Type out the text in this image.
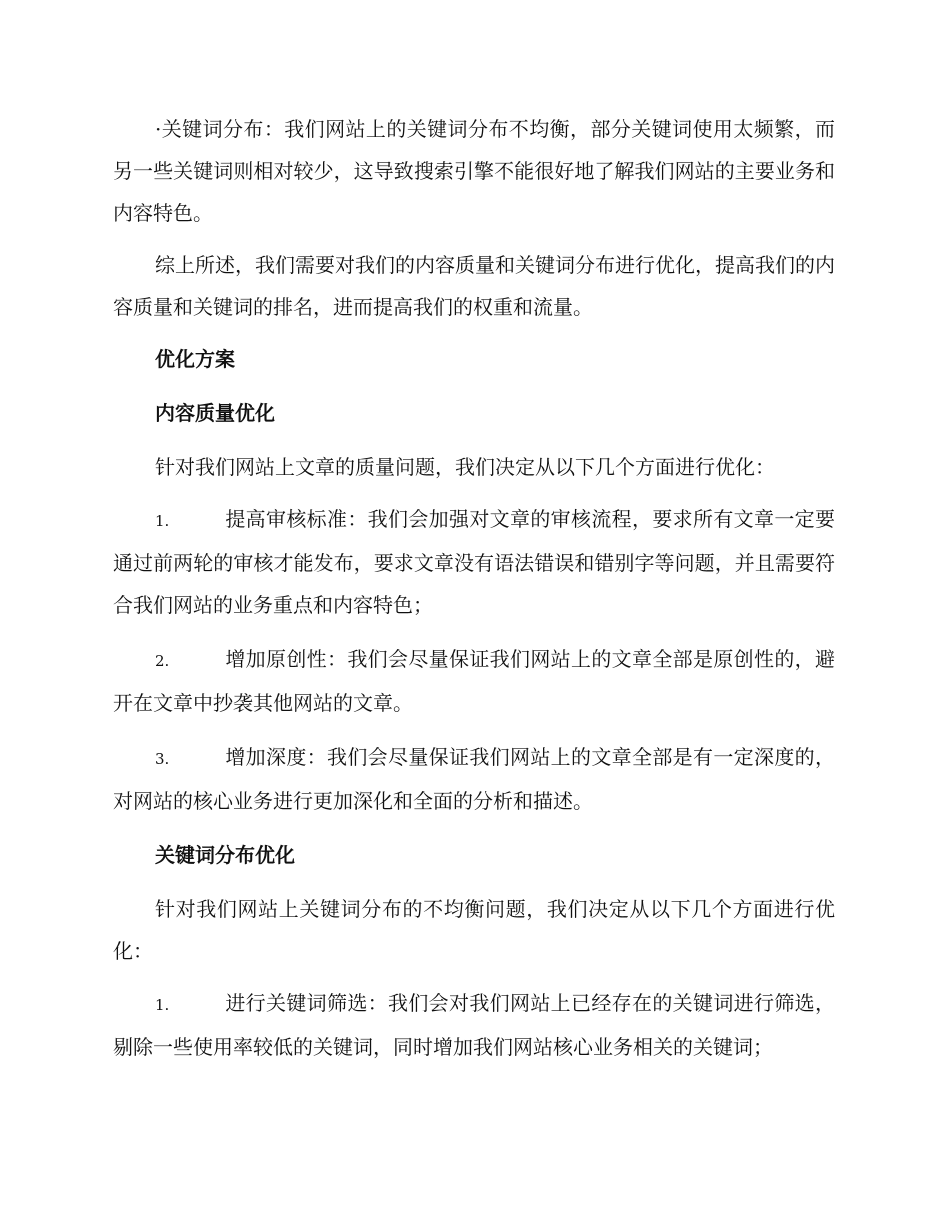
·关键词分布：我们网站上的关键词分布不均衡，部分关键词使用太频繁，而另一些关键词则相对较少，这导致搜索引擎不能很好地了解我们网站的主要业务和内容特色。

综上所述，我们需要对我们的内容质量和关键词分布进行优化，提高我们的内容质量和关键词的排名，进而提高我们的权重和流量。

优化方案
内容质量优化

针对我们网站上文章的质量问题，我们决定从以下几个方面进行优化：

1.	提高审核标准：我们会加强对文章的审核流程，要求所有文章一定要通过前两轮的审核才能发布，要求文章没有语法错误和错别字等问题，并且需要符合我们网站的业务重点和内容特色；

2.	增加原创性：我们会尽量保证我们网站上的文章全部是原创性的，避开在文章中抄袭其他网站的文章。

3.	增加深度：我们会尽量保证我们网站上的文章全部是有一定深度的，对网站的核心业务进行更加深化和全面的分析和描述。

关键词分布优化

针对我们网站上关键词分布的不均衡问题，我们决定从以下几个方面进行优化：

1.	进行关键词筛选：我们会对我们网站上已经存在的关键词进行筛选，剔除一些使用率较低的关键词，同时增加我们网站核心业务相关的关键词；
